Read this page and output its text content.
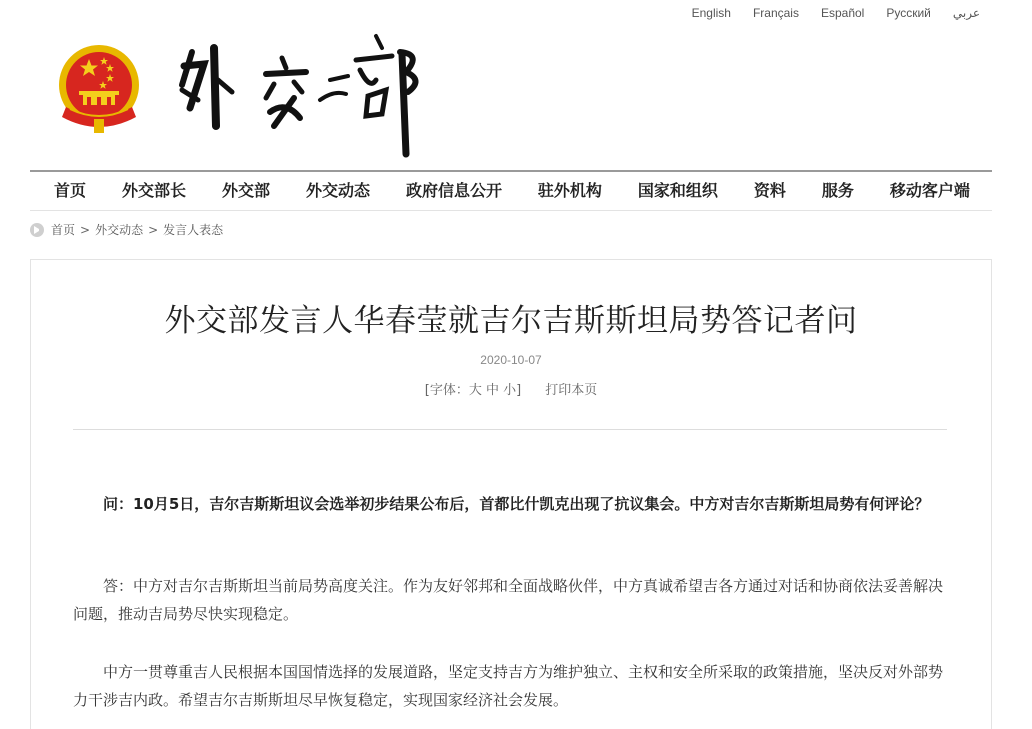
English Français Español Русский عربي
首页 外交部长 外交部 外交动态 政府信息公开 驻外机构 国家和组织 资料 服务 移动客户端
首页 > 外交动态 > 发言人表态
外交部发言人华春莹就吉尔吉斯斯坦局势答记者问
2020-10-07
[字体：大 中 小] 打印本页

问：10月5日，吉尔吉斯斯坦议会选举初步结果公布后，首都比什凯克出现了抗议集会。中方对吉尔吉斯斯坦局势有何评论？

答：中方对吉尔吉斯斯坦当前局势高度关注。作为友好邻邦和全面战略伙伴，中方真诚希望吉各方通过对话和协商依法妥善解决问题，推动吉局势尽快实现稳定。

中方一贯尊重吉人民根据本国国情选择的发展道路，坚定支持吉方为维护独立、主权和安全所采取的政策措施，坚决反对外部势力干涉吉内政。希望吉尔吉斯斯坦尽早恢复稳定，实现国家经济社会发展。
